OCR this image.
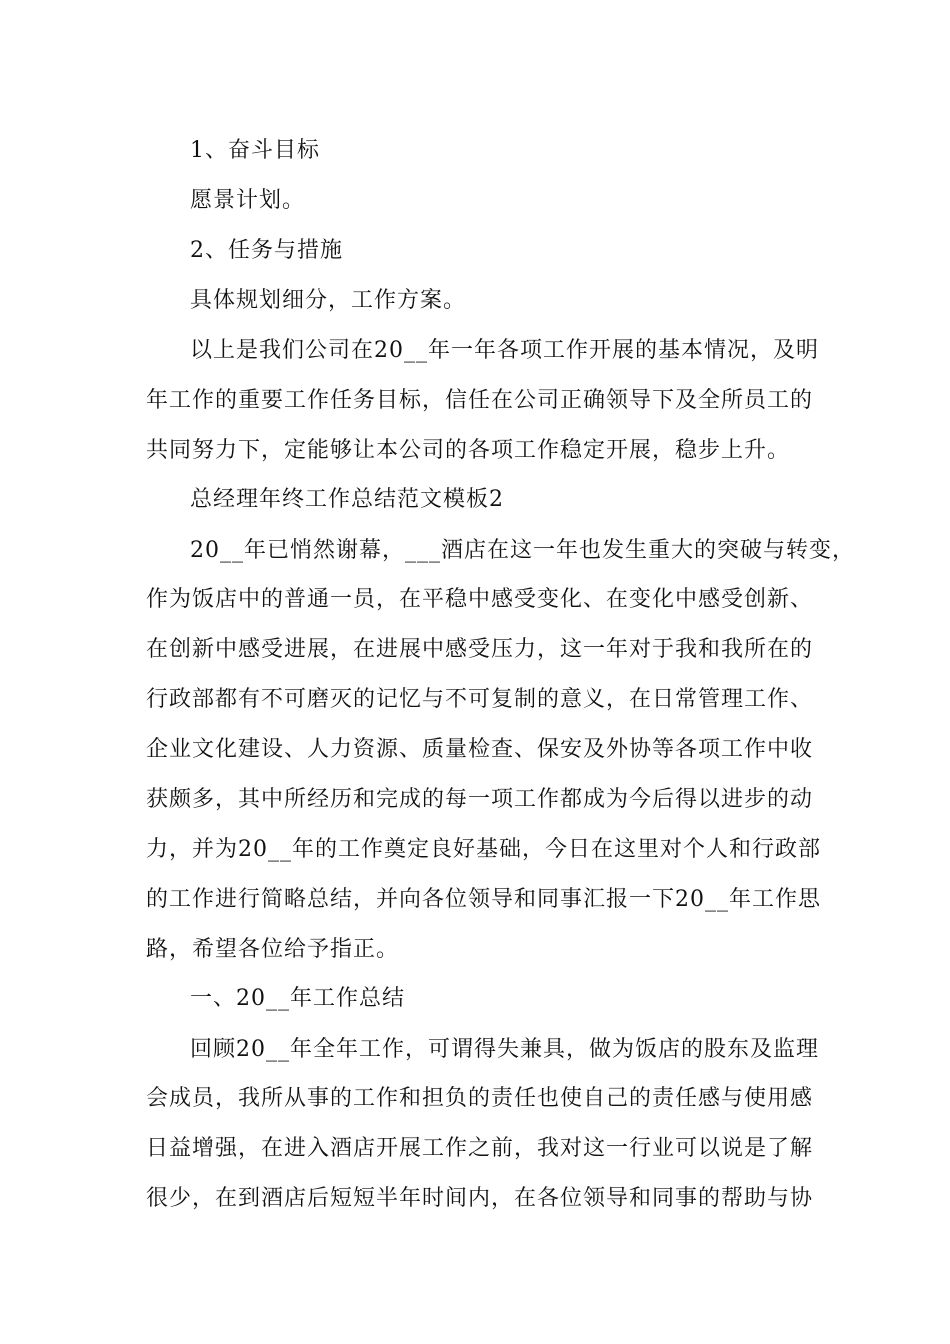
1、奋斗目标
愿景计划。
2、任务与措施
具体规划细分，工作方案。
以上是我们公司在20__年一年各项工作开展的基本情况，及明
年工作的重要工作任务目标，信任在公司正确领导下及全所员工的
共同努力下，定能够让本公司的各项工作稳定开展，稳步上升。
总经理年终工作总结范文模板2
20__年已悄然谢幕，___酒店在这一年也发生重大的突破与转变，
作为饭店中的普通一员，在平稳中感受变化、在变化中感受创新、
在创新中感受进展，在进展中感受压力，这一年对于我和我所在的
行政部都有不可磨灭的记忆与不可复制的意义，在日常管理工作、
企业文化建设、人力资源、质量检查、保安及外协等各项工作中收
获颇多，其中所经历和完成的每一项工作都成为今后得以进步的动
力，并为20__年的工作奠定良好基础，今日在这里对个人和行政部
的工作进行简略总结，并向各位领导和同事汇报一下20__年工作思
路，希望各位给予指正。
一、20__年工作总结
回顾20__年全年工作，可谓得失兼具，做为饭店的股东及监理
会成员，我所从事的工作和担负的责任也使自己的责任感与使用感
日益增强，在进入酒店开展工作之前，我对这一行业可以说是了解
很少，在到酒店后短短半年时间内，在各位领导和同事的帮助与协
